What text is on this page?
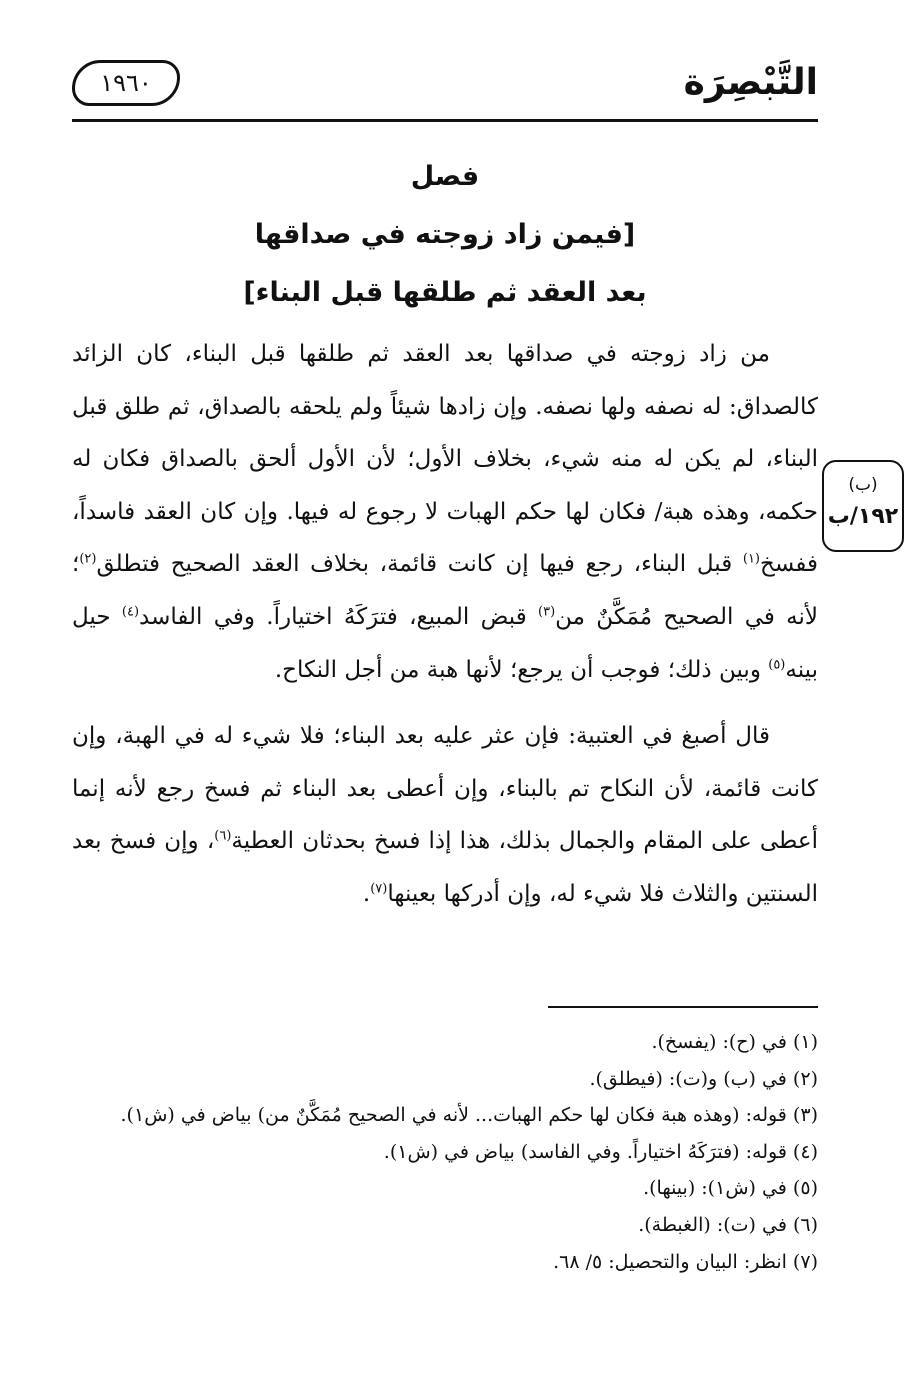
التَّبْصِرَة
١٩٦٠
فصل
[فيمن زاد زوجته في صداقها
بعد العقد ثم طلقها قبل البناء]
(ب)
١٩٢/ب

من زاد زوجته في صداقها بعد العقد ثم طلقها قبل البناء، كان الزائد كالصداق: له نصفه ولها نصفه. وإن زادها شيئاً ولم يلحقه بالصداق، ثم طلق قبل البناء، لم يكن له منه شيء، بخلاف الأول؛ لأن الأول ألحق بالصداق فكان له حكمه، وهذه هبة/ فكان لها حكم الهبات لا رجوع له فيها. وإن كان العقد فاسداً، ففسخ$^{(١)}$ قبل البناء، رجع فيها إن كانت قائمة، بخلاف العقد الصحيح فتطلق$^{(٢)}$؛ لأنه في الصحيح مُمَكَّنٌ من$^{(٣)}$ قبض المبيع، فترَكَهُ اختياراً. وفي الفاسد$^{(٤)}$ حيل بينه$^{(٥)}$ وبين ذلك؛ فوجب أن يرجع؛ لأنها هبة من أجل النكاح.

قال أصبغ في العتبية: فإن عثر عليه بعد البناء؛ فلا شيء له في الهبة، وإن كانت قائمة، لأن النكاح تم بالبناء، وإن أعطى بعد البناء ثم فسخ رجع لأنه إنما أعطى على المقام والجمال بذلك، هذا إذا فسخ بحدثان العطية$^{(٦)}$، وإن فسخ بعد السنتين والثلاث فلا شيء له، وإن أدركها بعينها$^{(٧)}$.

(١) في (ح): (يفسخ).
(٢) في (ب) و(ت): (فيطلق).
(٣) قوله: (وهذه هبة فكان لها حكم الهبات... لأنه في الصحيح مُمَكَّنٌ من) بياض في (ش١).
(٤) قوله: (فترَكَهُ اختياراً. وفي الفاسد) بياض في (ش١).
(٥) في (ش١): (بينها).
(٦) في (ت): (الغبطة).
(٧) انظر: البيان والتحصيل: ٥/ ٦٨.
